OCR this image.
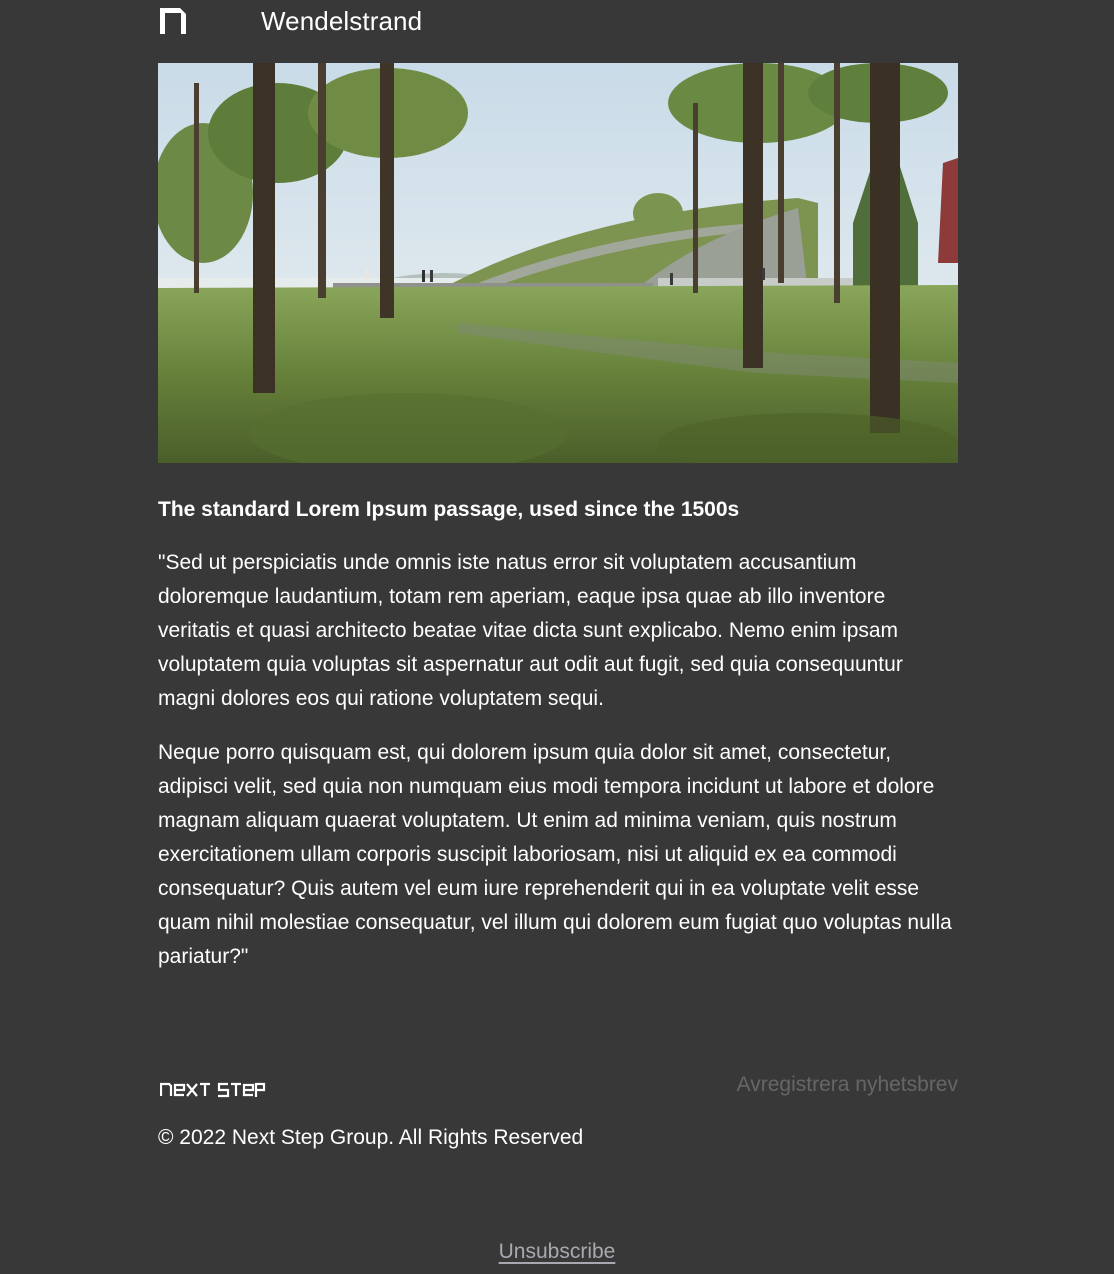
Wendelstrand
The standard Lorem Ipsum passage, used since the 1500s

"Sed ut perspiciatis unde omnis iste natus error sit voluptatem accusantium doloremque laudantium, totam rem aperiam, eaque ipsa quae ab illo inventore veritatis et quasi architecto beatae vitae dicta sunt explicabo. Nemo enim ipsam voluptatem quia voluptas sit aspernatur aut odit aut fugit, sed quia consequuntur magni dolores eos qui ratione voluptatem sequi.

Neque porro quisquam est, qui dolorem ipsum quia dolor sit amet, consectetur, adipisci velit, sed quia non numquam eius modi tempora incidunt ut labore et dolore magnam aliquam quaerat voluptatem. Ut enim ad minima veniam, quis nostrum exercitationem ullam corporis suscipit laboriosam, nisi ut aliquid ex ea commodi consequatur? Quis autem vel eum iure reprehenderit qui in ea voluptate velit esse quam nihil molestiae consequatur, vel illum qui dolorem eum fugiat quo voluptas nulla pariatur?"

Avregistrera nyhetsbrev
© 2022 Next Step Group. All Rights Reserved
Unsubscribe
